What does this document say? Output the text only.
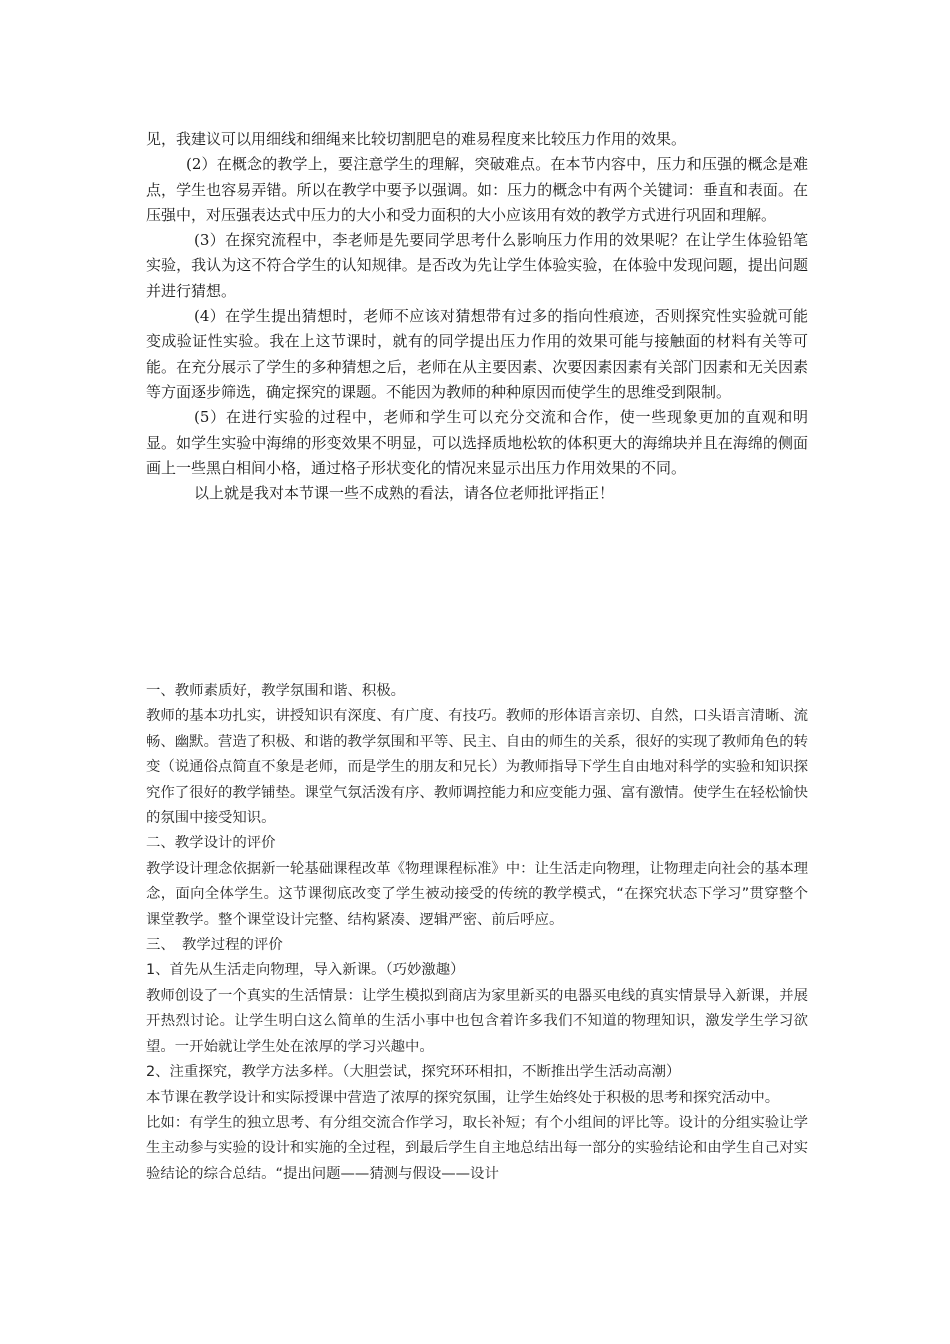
见，我建议可以用细线和细绳来比较切割肥皂的难易程度来比较压力作用的效果。

(2）在概念的教学上，要注意学生的理解，突破难点。在本节内容中，压力和压强的概念是难点，学生也容易弄错。所以在教学中要予以强调。如：压力的概念中有两个关键词：垂直和表面。在压强中，对压强表达式中压力的大小和受力面积的大小应该用有效的教学方式进行巩固和理解。

(3）在探究流程中，李老师是先要同学思考什么影响压力作用的效果呢？在让学生体验铅笔实验，我认为这不符合学生的认知规律。是否改为先让学生体验实验，在体验中发现问题，提出问题并进行猜想。

(4）在学生提出猜想时，老师不应该对猜想带有过多的指向性痕迹，否则探究性实验就可能变成验证性实验。我在上这节课时，就有的同学提出压力作用的效果可能与接触面的材料有关等可能。在充分展示了学生的多种猜想之后，老师在从主要因素、次要因素因素有关部门因素和无关因素等方面逐步筛选，确定探究的课题。不能因为教师的种种原因而使学生的思维受到限制。

(5）在进行实验的过程中，老师和学生可以充分交流和合作，使一些现象更加的直观和明显。如学生实验中海绵的形变效果不明显，可以选择质地松软的体积更大的海绵块并且在海绵的侧面画上一些黑白相间小格，通过格子形状变化的情况来显示出压力作用效果的不同。

以上就是我对本节课一些不成熟的看法，请各位老师批评指正！

一、教师素质好，教学氛围和谐、积极。

教师的基本功扎实，讲授知识有深度、有广度、有技巧。教师的形体语言亲切、自然，口头语言清晰、流畅、幽默。营造了积极、和谐的教学氛围和平等、民主、自由的师生的关系，很好的实现了教师角色的转变（说通俗点简直不象是老师，而是学生的朋友和兄长）为教师指导下学生自由地对科学的实验和知识探究作了很好的教学铺垫。课堂气氛活泼有序、教师调控能力和应变能力强、富有激情。使学生在轻松愉快的氛围中接受知识。

二、教学设计的评价

教学设计理念依据新一轮基础课程改革《物理课程标准》中：让生活走向物理，让物理走向社会的基本理念，面向全体学生。这节课彻底改变了学生被动接受的传统的教学模式，“在探究状态下学习”贯穿整个课堂教学。整个课堂设计完整、结构紧凑、逻辑严密、前后呼应。

三、　教学过程的评价

1、首先从生活走向物理，导入新课。（巧妙激趣）

教师创设了一个真实的生活情景：让学生模拟到商店为家里新买的电器买电线的真实情景导入新课，并展开热烈讨论。让学生明白这么简单的生活小事中也包含着许多我们不知道的物理知识，激发学生学习欲望。一开始就让学生处在浓厚的学习兴趣中。

2、注重探究，教学方法多样。（大胆尝试，探究环环相扣，不断推出学生活动高潮）

本节课在教学设计和实际授课中营造了浓厚的探究氛围，让学生始终处于积极的思考和探究活动中。

比如：有学生的独立思考、有分组交流合作学习，取长补短；有个小组间的评比等。设计的分组实验让学生主动参与实验的设计和实施的全过程，到最后学生自主地总结出每一部分的实验结论和由学生自己对实验结论的综合总结。“提出问题——猜测与假设——设计
